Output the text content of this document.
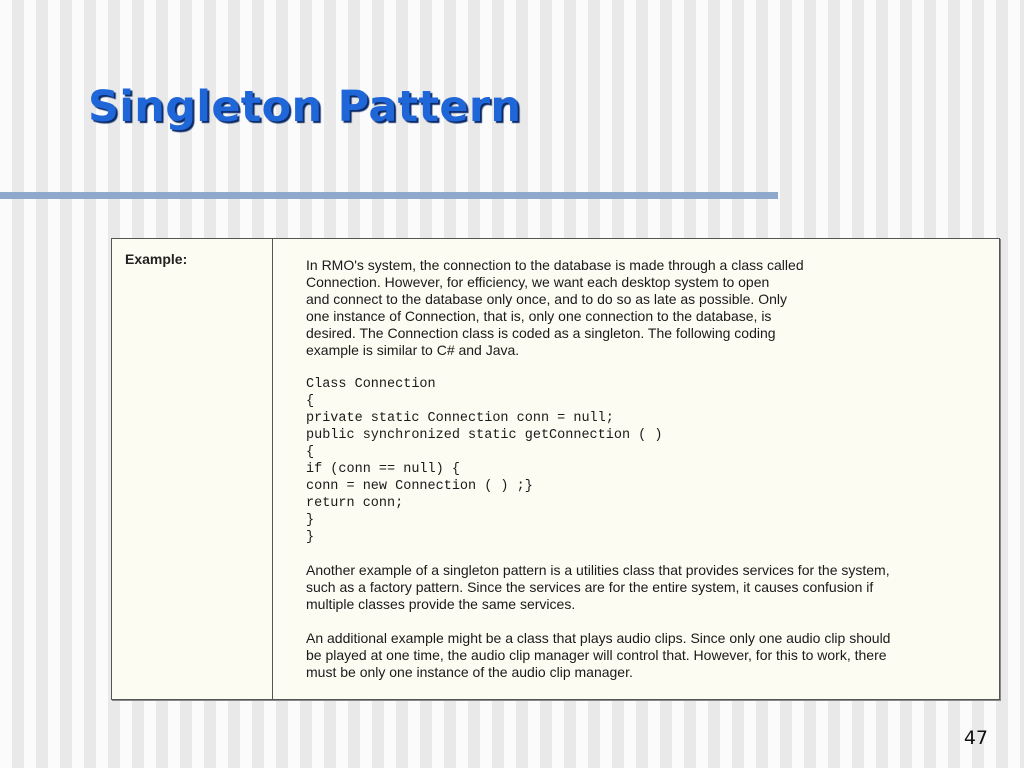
Singleton Pattern
Example:	In RMO's system, the connection to the database is made through a class called
Connection. However, for efficiency, we want each desktop system to open
and connect to the database only once, and to do so as late as possible. Only
one instance of Connection, that is, only one connection to the database, is
desired. The Connection class is coded as a singleton. The following coding
example is similar to C# and Java.

Class Connection
{
private static Connection conn = null;
public synchronized static getConnection ( )
{
if (conn == null) {
conn = new Connection ( ) ;}
return conn;
}
}

Another example of a singleton pattern is a utilities class that provides services for the system,
such as a factory pattern. Since the services are for the entire system, it causes confusion if
multiple classes provide the same services.

An additional example might be a class that plays audio clips. Since only one audio clip should
be played at one time, the audio clip manager will control that. However, for this to work, there
must be only one instance of the audio clip manager.

47
